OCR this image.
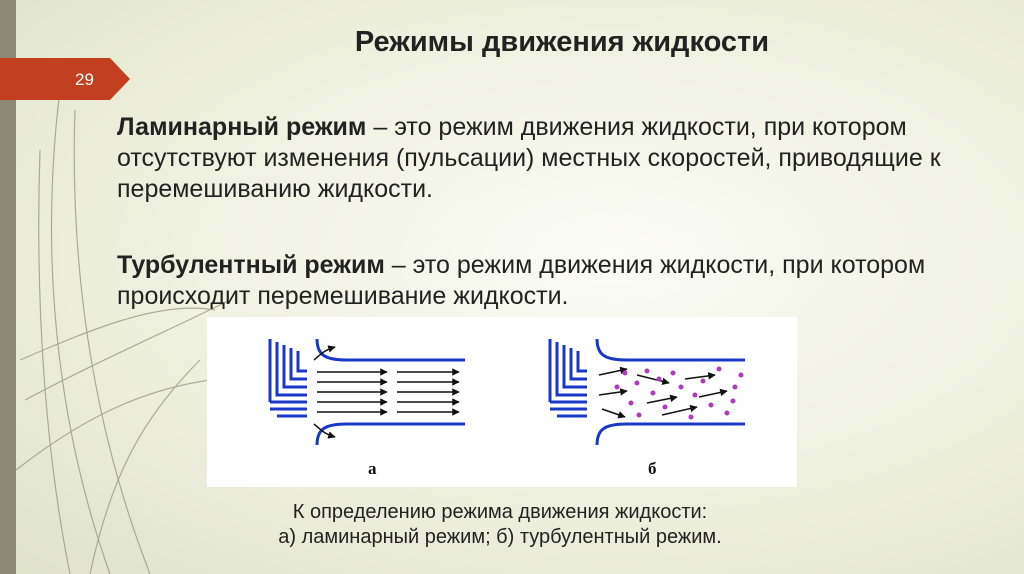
29
Режимы движения жидкости

Ламинарный режим – это режим движения жидкости, при котором отсутствуют изменения (пульсации) местных скоростей, приводящие к перемешиванию жидкости.

Турбулентный режим – это режим движения жидкости, при котором происходит перемешивание жидкости.

а	б
К определению режима движения жидкости:
а) ламинарный режим; б) турбулентный режим.
